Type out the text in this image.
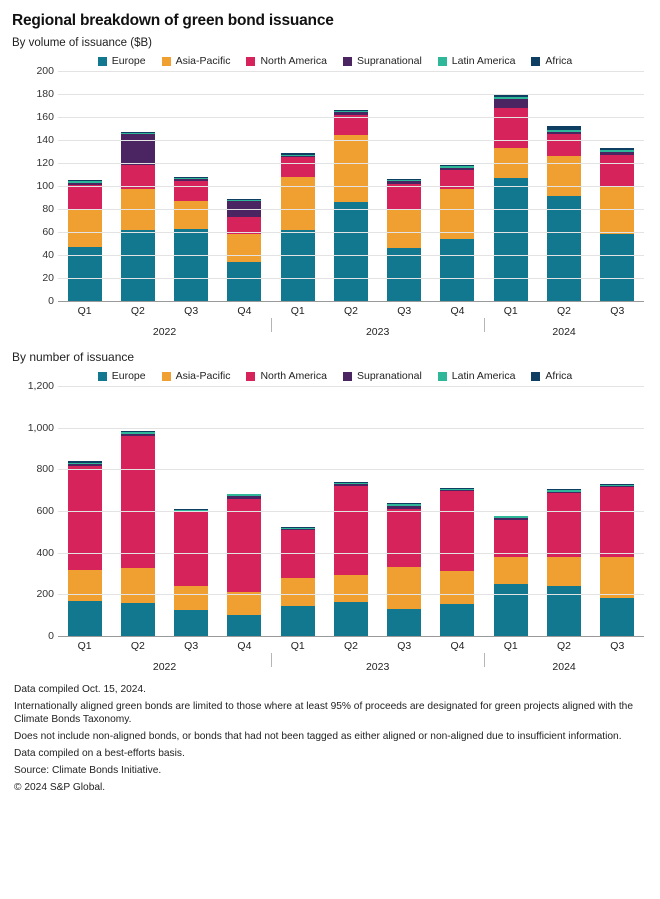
Regional breakdown of green bond issuance
By volume of issuance ($B)
Europe	Asia-Pacific	North America	Supranational	Latin America	Africa
0
20
40
60
80
100
120
140
160
180
200
Q1	Q2	Q3	Q4	Q1	Q2	Q3	Q4	Q1	Q2	Q3
2022	2023	2024
By number of issuance
Europe	Asia-Pacific	North America	Supranational	Latin America	Africa
0
200
400
600
800
1,000
1,200
Q1	Q2	Q3	Q4	Q1	Q2	Q3	Q4	Q1	Q2	Q3
2022	2023	2024
Data compiled Oct. 15, 2024.
Internationally aligned green bonds are limited to those where at least 95% of proceeds are designated for green projects aligned with the Climate Bonds Taxonomy.
Does not include non-aligned bonds, or bonds that had not been tagged as either aligned or non-aligned due to insufficient information.
Data compiled on a best-efforts basis.
Source: Climate Bonds Initiative.
© 2024 S&P Global.
